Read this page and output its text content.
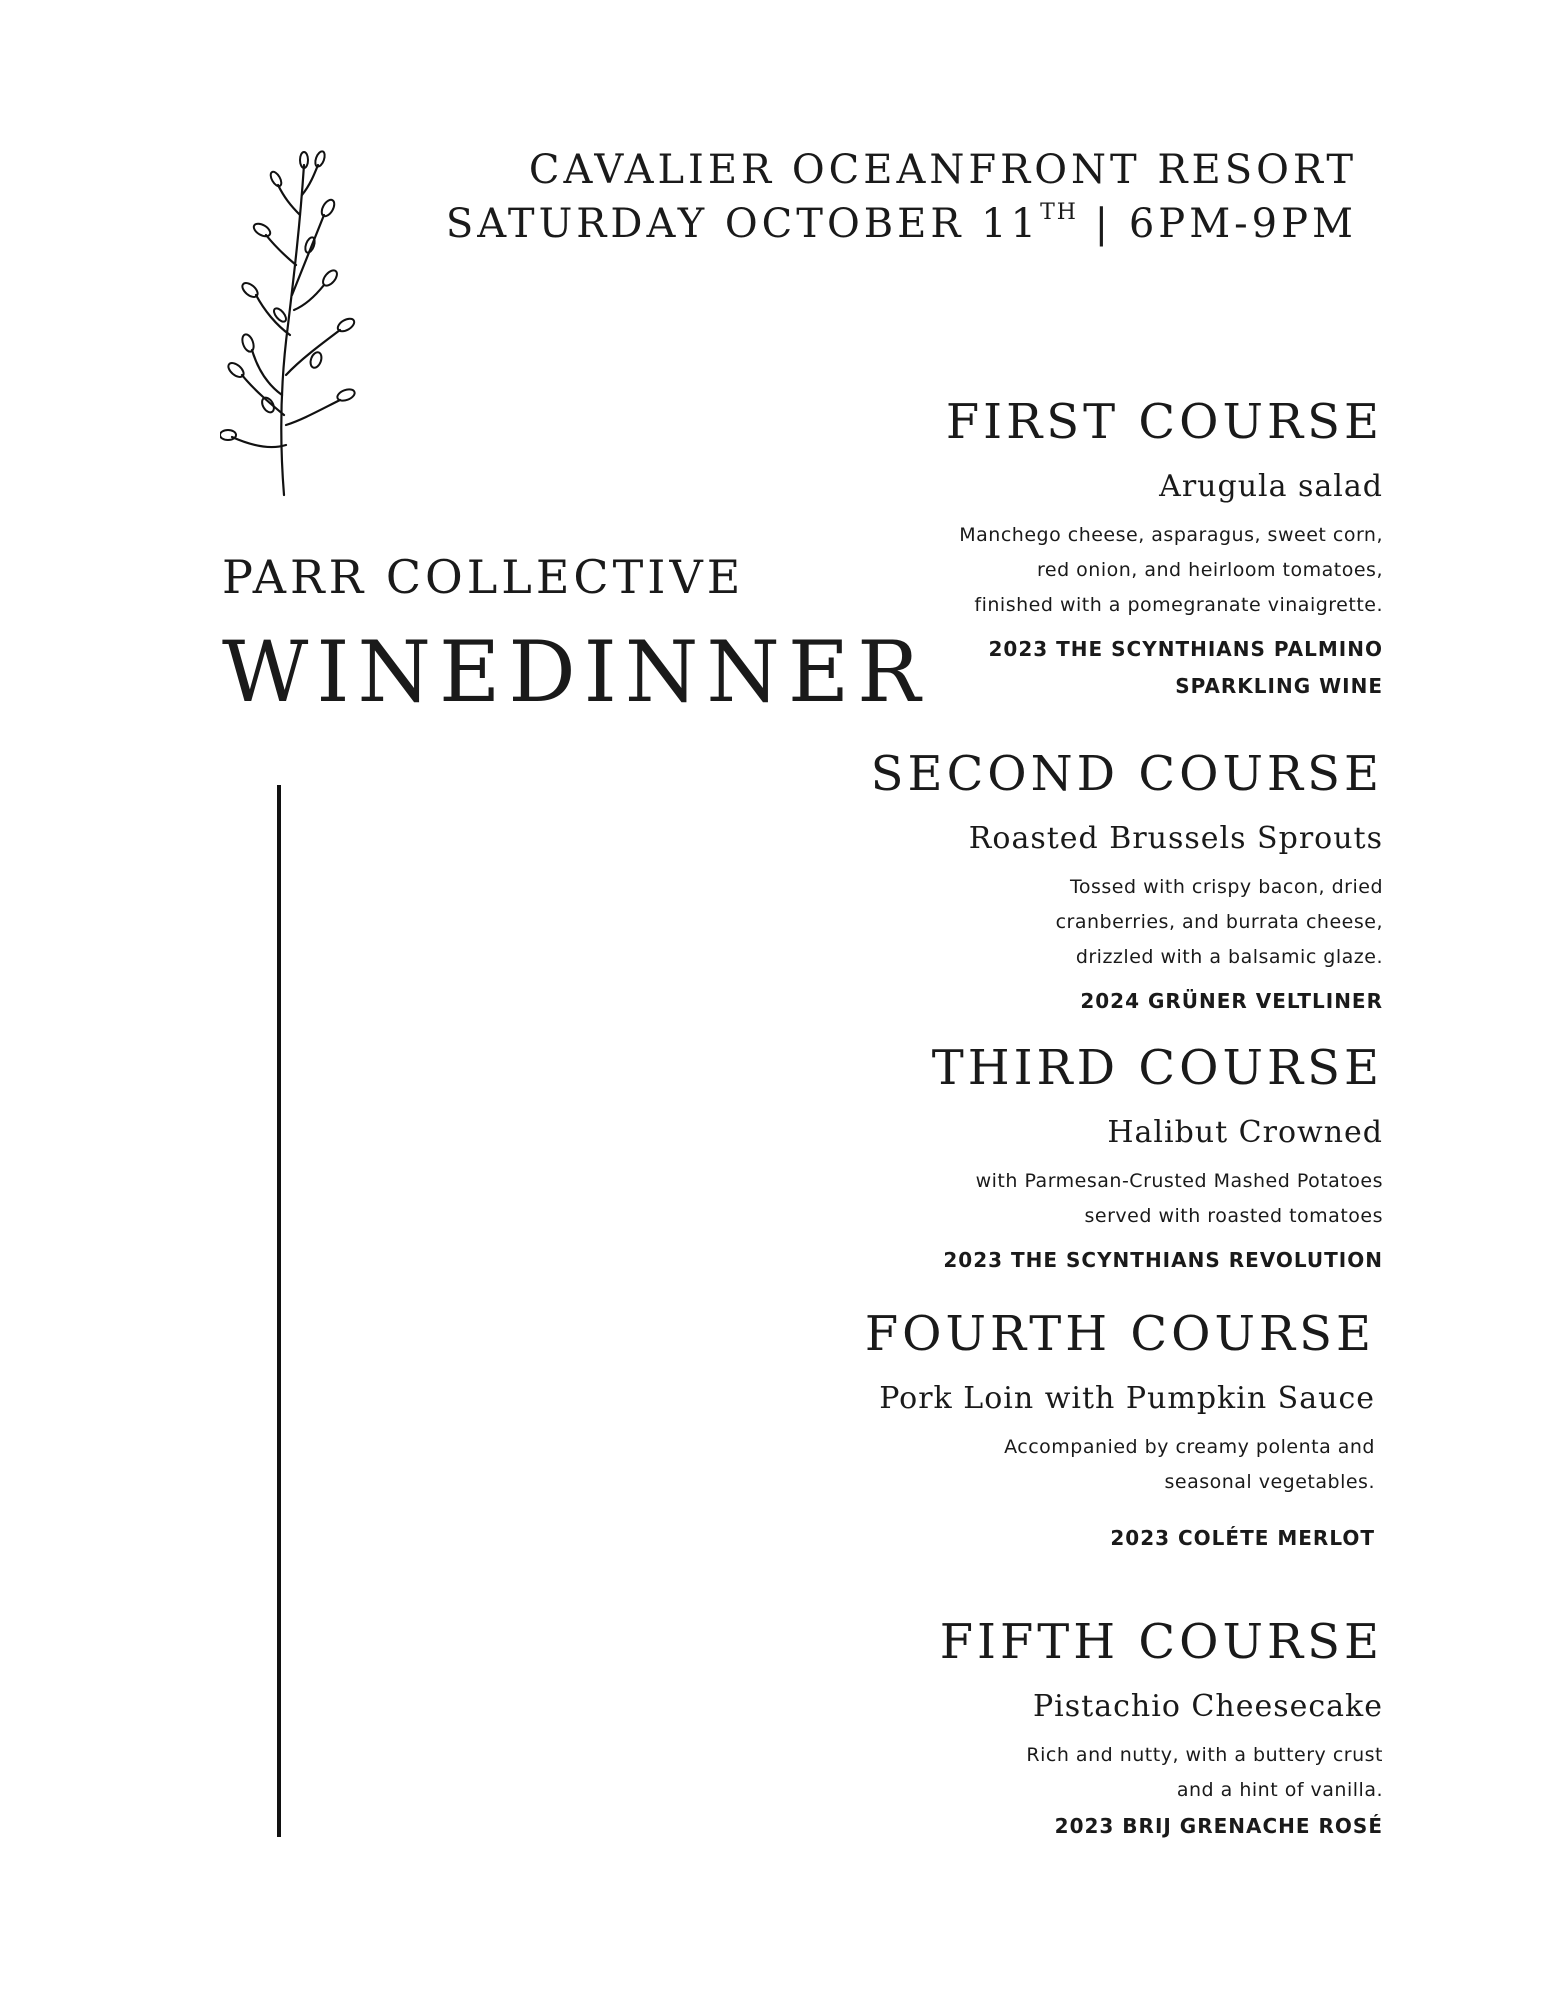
CAVALIER OCEANFRONT RESORT
SATURDAY OCTOBER 11TH | 6PM-9PM
PARR COLLECTIVE
WINEDINNER
FIRST COURSE
Arugula salad
Manchego cheese, asparagus, sweet corn,
red onion, and heirloom tomatoes,
finished with a pomegranate vinaigrette.
2023 THE SCYNTHIANS PALMINO
SPARKLING WINE
SECOND COURSE
Roasted Brussels Sprouts
Tossed with crispy bacon, dried
cranberries, and burrata cheese,
drizzled with a balsamic glaze.
2024 GRÜNER VELTLINER
THIRD COURSE
Halibut Crowned
with Parmesan-Crusted Mashed Potatoes
served with roasted tomatoes
2023 THE SCYNTHIANS REVOLUTION
FOURTH COURSE
Pork Loin with Pumpkin Sauce
Accompanied by creamy polenta and
seasonal vegetables.
2023 COLÉTE MERLOT
FIFTH COURSE
Pistachio Cheesecake
Rich and nutty, with a buttery crust
and a hint of vanilla.
2023 BRIJ GRENACHE ROSÉ
